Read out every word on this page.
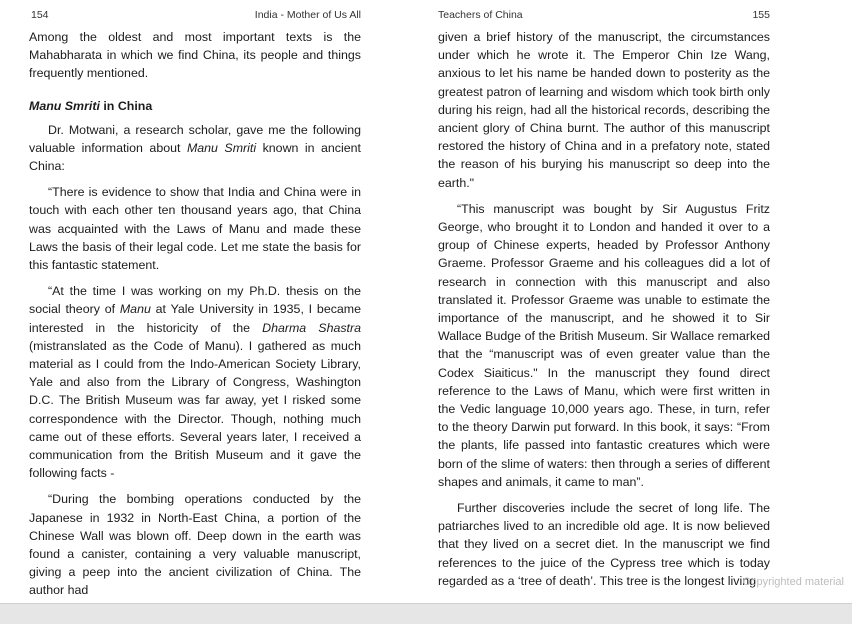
154	India - Mother of Us All

Among the oldest and most important texts is the Mahabharata in which we find China, its people and things frequently mentioned.

Manu Smriti in China

Dr. Motwani, a research scholar, gave me the following valuable information about Manu Smriti known in ancient China:

“There is evidence to show that India and China were in touch with each other ten thousand years ago, that China was acquainted with the Laws of Manu and made these Laws the basis of their legal code. Let me state the basis for this fantastic statement.

“At the time I was working on my Ph.D. thesis on the social theory of Manu at Yale University in 1935, I became interested in the historicity of the Dharma Shastra (mistranslated as the Code of Manu). I gathered as much material as I could from the Indo-American Society Library, Yale and also from the Library of Congress, Washington D.C. The British Museum was far away, yet I risked some correspondence with the Director. Though, nothing much came out of these efforts. Several years later, I received a communication from the British Museum and it gave the following facts -

“During the bombing operations conducted by the Japanese in 1932 in North-East China, a portion of the Chinese Wall was blown off. Deep down in the earth was found a canister, containing a very valuable manuscript, giving a peep into the ancient civilization of China. The author had

Teachers of China	155

given a brief history of the manuscript, the circumstances under which he wrote it. The Emperor Chin Ize Wang, anxious to let his name be handed down to posterity as the greatest patron of learning and wisdom which took birth only during his reign, had all the historical records, describing the ancient glory of China burnt. The author of this manuscript restored the history of China and in a prefatory note, stated the reason of his burying his manuscript so deep into the earth."

“This manuscript was bought by Sir Augustus Fritz George, who brought it to London and handed it over to a group of Chinese experts, headed by Professor Anthony Graeme. Professor Graeme and his colleagues did a lot of research in connection with this manuscript and also translated it. Professor Graeme was unable to estimate the importance of the manuscript, and he showed it to Sir Wallace Budge of the British Museum. Sir Wallace remarked that the “manuscript was of even greater value than the Codex Siaiticus." In the manuscript they found direct reference to the Laws of Manu, which were first written in the Vedic language 10,000 years ago. These, in turn, refer to the theory Darwin put forward. In this book, it says: “From the plants, life passed into fantastic creatures which were born of the slime of waters: then through a series of different shapes and animals, it came to man”.

Further discoveries include the secret of long life. The patriarches lived to an incredible old age. It is now believed that they lived on a secret diet. In the manuscript we find references to the juice of the Cypress tree which is today regarded as a ‘tree of death’. This tree is the longest living

Copyrighted material
